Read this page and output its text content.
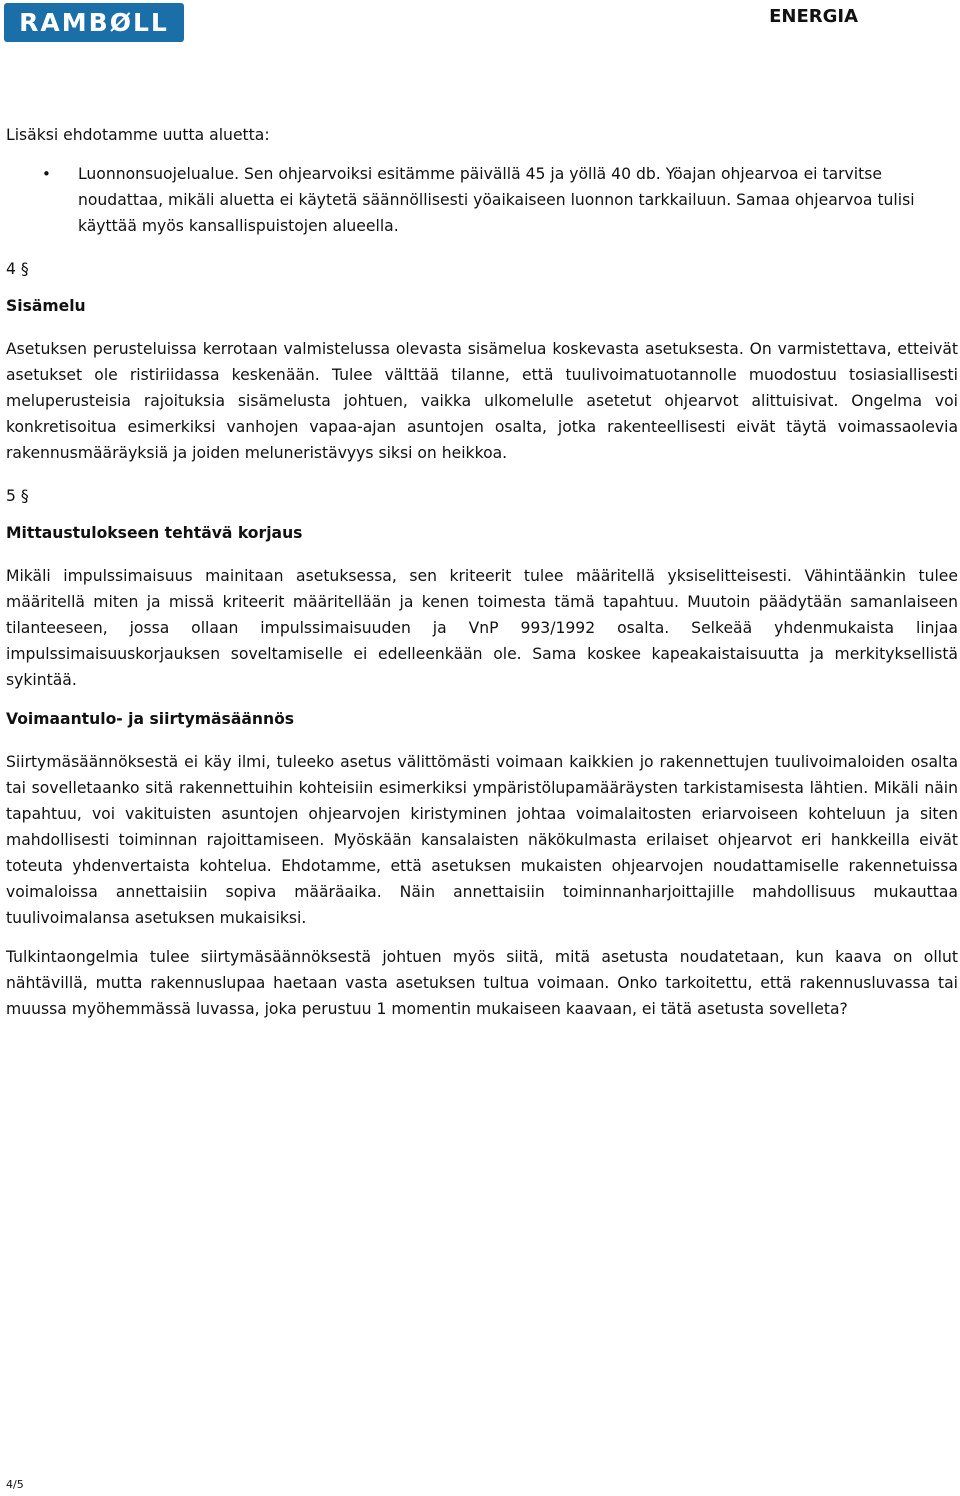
RAMBØLL	ENERGIA

Lisäksi ehdotamme uutta aluetta:

• Luonnonsuojelualue. Sen ohjearvoiksi esitämme päivällä 45 ja yöllä 40 db. Yöajan ohjearvoa ei tarvitse noudattaa, mikäli aluetta ei käytetä säännöllisesti yöaikaiseen luonnon tarkkailuun. Samaa ohjearvoa tulisi käyttää myös kansallispuistojen alueella.

4 §

Sisämelu

Asetuksen perusteluissa kerrotaan valmistelussa olevasta sisämelua koskevasta asetuksesta. On varmistettava, etteivät asetukset ole ristiriidassa keskenään. Tulee välttää tilanne, että tuulivoimatuotannolle muodostuu tosiasiallisesti meluperusteisia rajoituksia sisämelusta johtuen, vaikka ulkomelulle asetetut ohjearvot alittuisivat. Ongelma voi konkretisoitua esimerkiksi vanhojen vapaa-ajan asuntojen osalta, jotka rakenteellisesti eivät täytä voimassaolevia rakennusmääräyksiä ja joiden meluneristävyys siksi on heikkoa.

5 §

Mittaustulokseen tehtävä korjaus

Mikäli impulssimaisuus mainitaan asetuksessa, sen kriteerit tulee määritellä yksiselitteisesti. Vähintäänkin tulee määritellä miten ja missä kriteerit määritellään ja kenen toimesta tämä tapahtuu. Muutoin päädytään samanlaiseen tilanteeseen, jossa ollaan impulssimaisuuden ja VnP 993/1992 osalta. Selkeää yhdenmukaista linjaa impulssimaisuuskorjauksen soveltamiselle ei edelleenkään ole. Sama koskee kapeakaistaisuutta ja merkityksellistä sykintää.

Voimaantulo- ja siirtymäsäännös

Siirtymäsäännöksestä ei käy ilmi, tuleeko asetus välittömästi voimaan kaikkien jo rakennettujen tuulivoimaloiden osalta tai sovelletaanko sitä rakennettuihin kohteisiin esimerkiksi ympäristölupamääräysten tarkistamisesta lähtien. Mikäli näin tapahtuu, voi vakituisten asuntojen ohjearvojen kiristyminen johtaa voimalaitosten eriarvoiseen kohteluun ja siten mahdollisesti toiminnan rajoittamiseen. Myöskään kansalaisten näkökulmasta erilaiset ohjearvot eri hankkeilla eivät toteuta yhdenvertaista kohtelua. Ehdotamme, että asetuksen mukaisten ohjearvojen noudattamiselle rakennetuissa voimaloissa annettaisiin sopiva määräaika. Näin annettaisiin toiminnanharjoittajille mahdollisuus mukauttaa tuulivoimalansa asetuksen mukaisiksi.

Tulkintaongelmia tulee siirtymäsäännöksestä johtuen myös siitä, mitä asetusta noudatetaan, kun kaava on ollut nähtävillä, mutta rakennuslupaa haetaan vasta asetuksen tultua voimaan. Onko tarkoitettu, että rakennusluvassa tai muussa myöhemmässä luvassa, joka perustuu 1 momentin mukaiseen kaavaan, ei tätä asetusta sovelleta?

4/5
